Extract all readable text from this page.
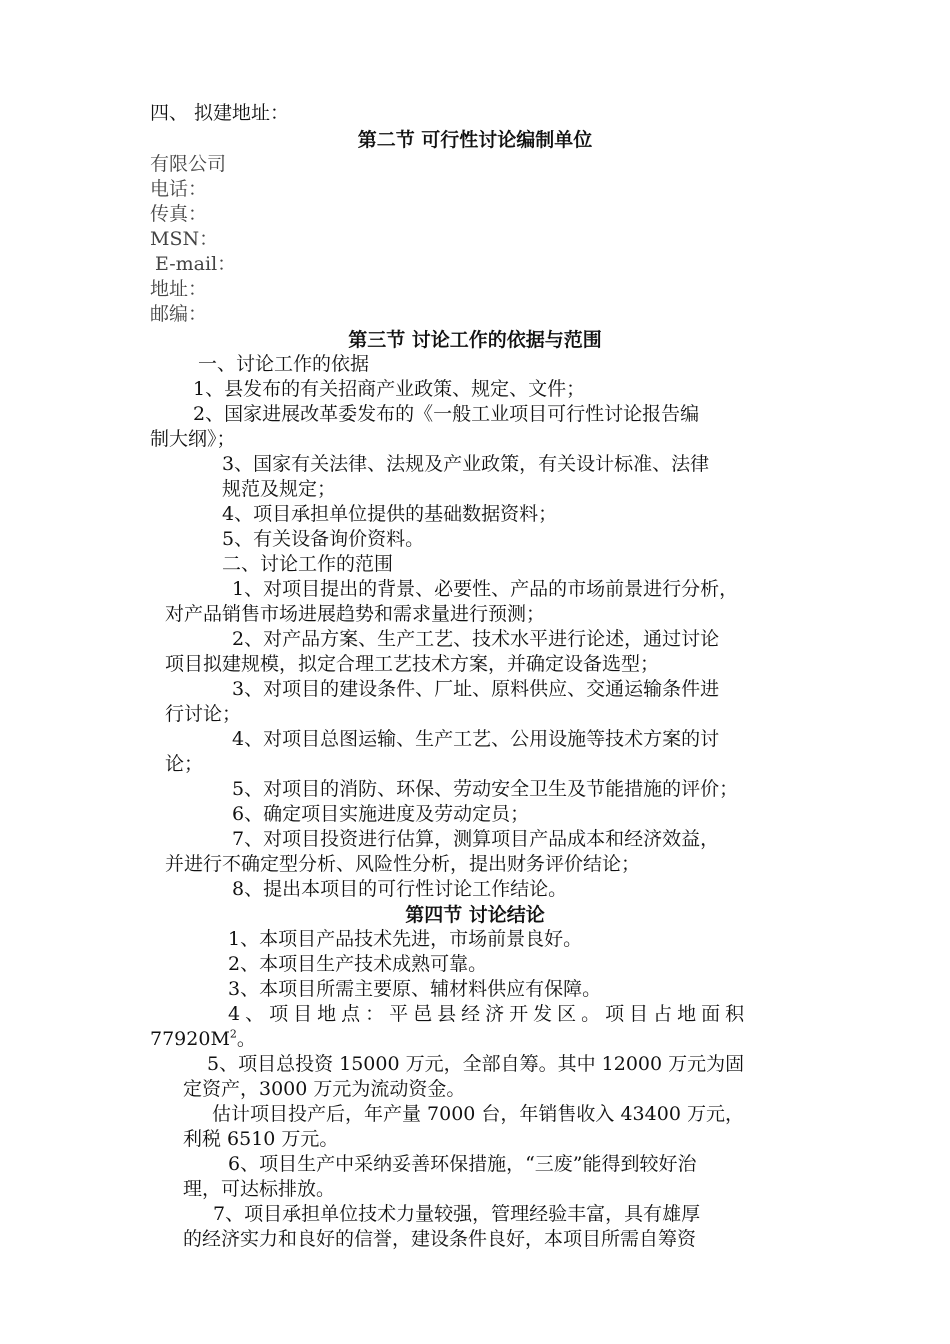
四、 拟建地址：
第二节 可行性讨论编制单位
有限公司
电话：
传真：
MSN：
E-mail：
地址：
邮编：
第三节 讨论工作的依据与范围
一、讨论工作的依据
1、县发布的有关招商产业政策、规定、文件；
2、国家进展改革委发布的《一般工业项目可行性讨论报告编
制大纲》；
3、国家有关法律、法规及产业政策，有关设计标准、法律
规范及规定；
4、项目承担单位提供的基础数据资料；
5、有关设备询价资料。
二、讨论工作的范围
1、对项目提出的背景、必要性、产品的市场前景进行分析，
对产品销售市场进展趋势和需求量进行预测；
2、对产品方案、生产工艺、技术水平进行论述，通过讨论
项目拟建规模，拟定合理工艺技术方案，并确定设备选型；
3、对项目的建设条件、厂址、原料供应、交通运输条件进
行讨论；
4、对项目总图运输、生产工艺、公用设施等技术方案的讨
论；
5、对项目的消防、环保、劳动安全卫生及节能措施的评价；
6、确定项目实施进度及劳动定员；
7、对项目投资进行估算，测算项目产品成本和经济效益，
并进行不确定型分析、风险性分析，提出财务评价结论；
8、提出本项目的可行性讨论工作结论。
第四节 讨论结论
1、本项目产品技术先进，市场前景良好。
2、本项目生产技术成熟可靠。
3、本项目所需主要原、辅材料供应有保障。
4、项目地点：平邑县经济开发区。项目占地面积
$77920M^2$。
5、项目总投资 15000 万元，全部自筹。其中 12000 万元为固
定资产，3000 万元为流动资金。
估计项目投产后，年产量 7000 台，年销售收入 43400 万元，
利税 6510 万元。
6、项目生产中采纳妥善环保措施，“三废”能得到较好治
理，可达标排放。
7、项目承担单位技术力量较强，管理经验丰富，具有雄厚
的经济实力和良好的信誉，建设条件良好，本项目所需自筹资
